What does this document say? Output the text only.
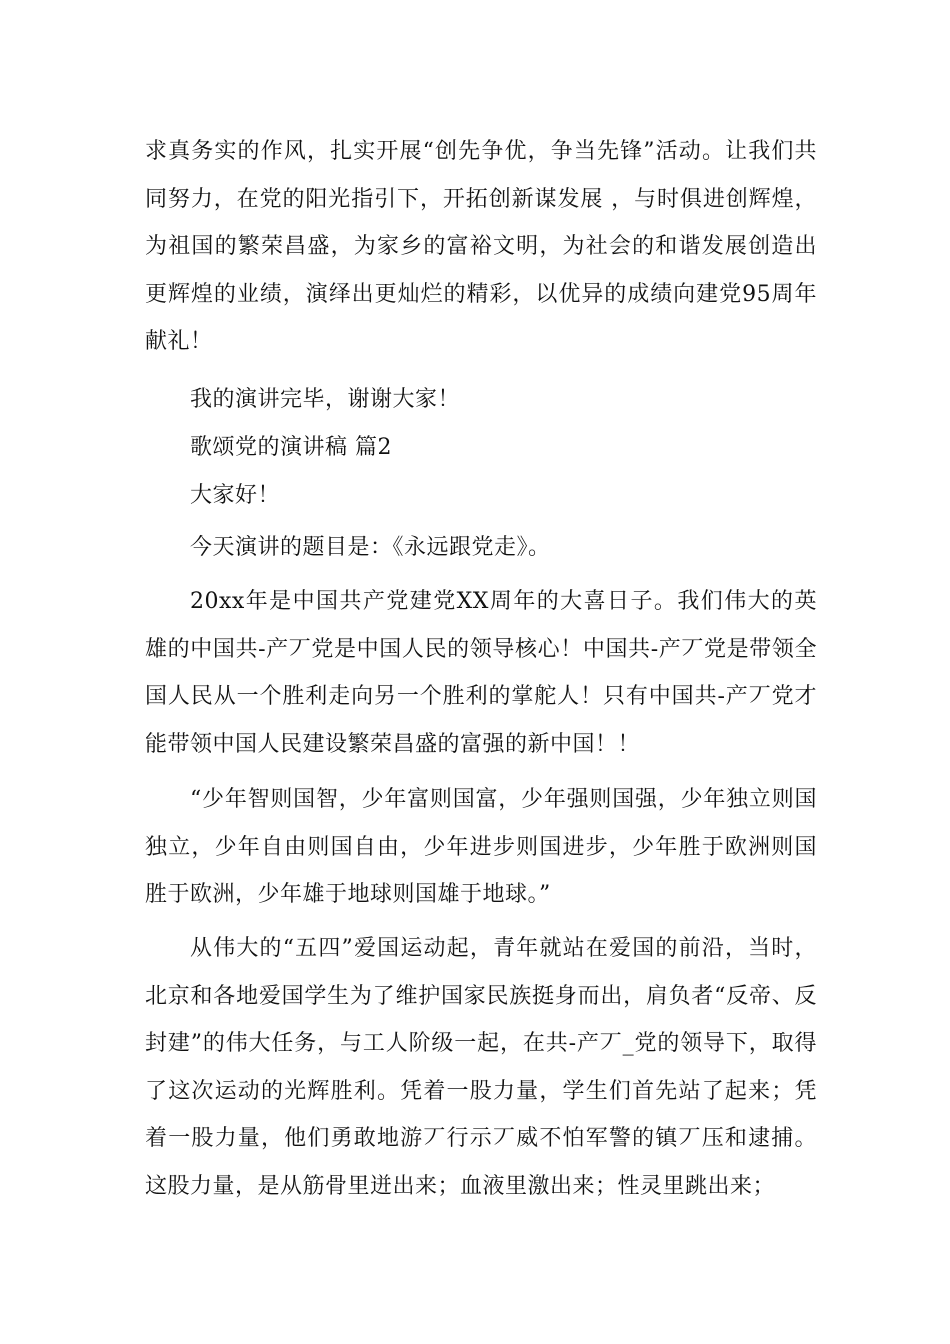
求真务实的作风，扎实开展“创先争优，争当先锋”活动。让我们共同努力，在党的阳光指引下，开拓创新谋发展 ，与时俱进创辉煌，为祖国的繁荣昌盛，为家乡的富裕文明，为社会的和谐发展创造出更辉煌的业绩，演绎出更灿烂的精彩，以优异的成绩向建党95周年献礼！

我的演讲完毕，谢谢大家！

歌颂党的演讲稿 篇2

大家好！

今天演讲的题目是：《永远跟党走》。

20xx年是中国共产党建党XX周年的大喜日子。我们伟大的英雄的中国共-产丆党是中国人民的领导核心！中国共-产丆党是带领全国人民从一个胜利走向另一个胜利的掌舵人！只有中国共-产丆党才能带领中国人民建设繁荣昌盛的富强的新中国！！

“少年智则国智，少年富则国富，少年强则国强，少年独立则国独立，少年自由则国自由，少年进步则国进步，少年胜于欧洲则国胜于欧洲，少年雄于地球则国雄于地球。”

从伟大的“五四”爱国运动起，青年就站在爱国的前沿，当时，北京和各地爱国学生为了维护国家民族挺身而出，肩负者“反帝、反封建”的伟大任务，与工人阶级一起，在共-产丆_党的领导下，取得了这次运动的光辉胜利。凭着一股力量，学生们首先站了起来；凭着一股力量，他们勇敢地游丆行示丆威不怕军警的镇丆压和逮捕。这股力量，是从筋骨里迸出来；血液里激出来；性灵里跳出来；
